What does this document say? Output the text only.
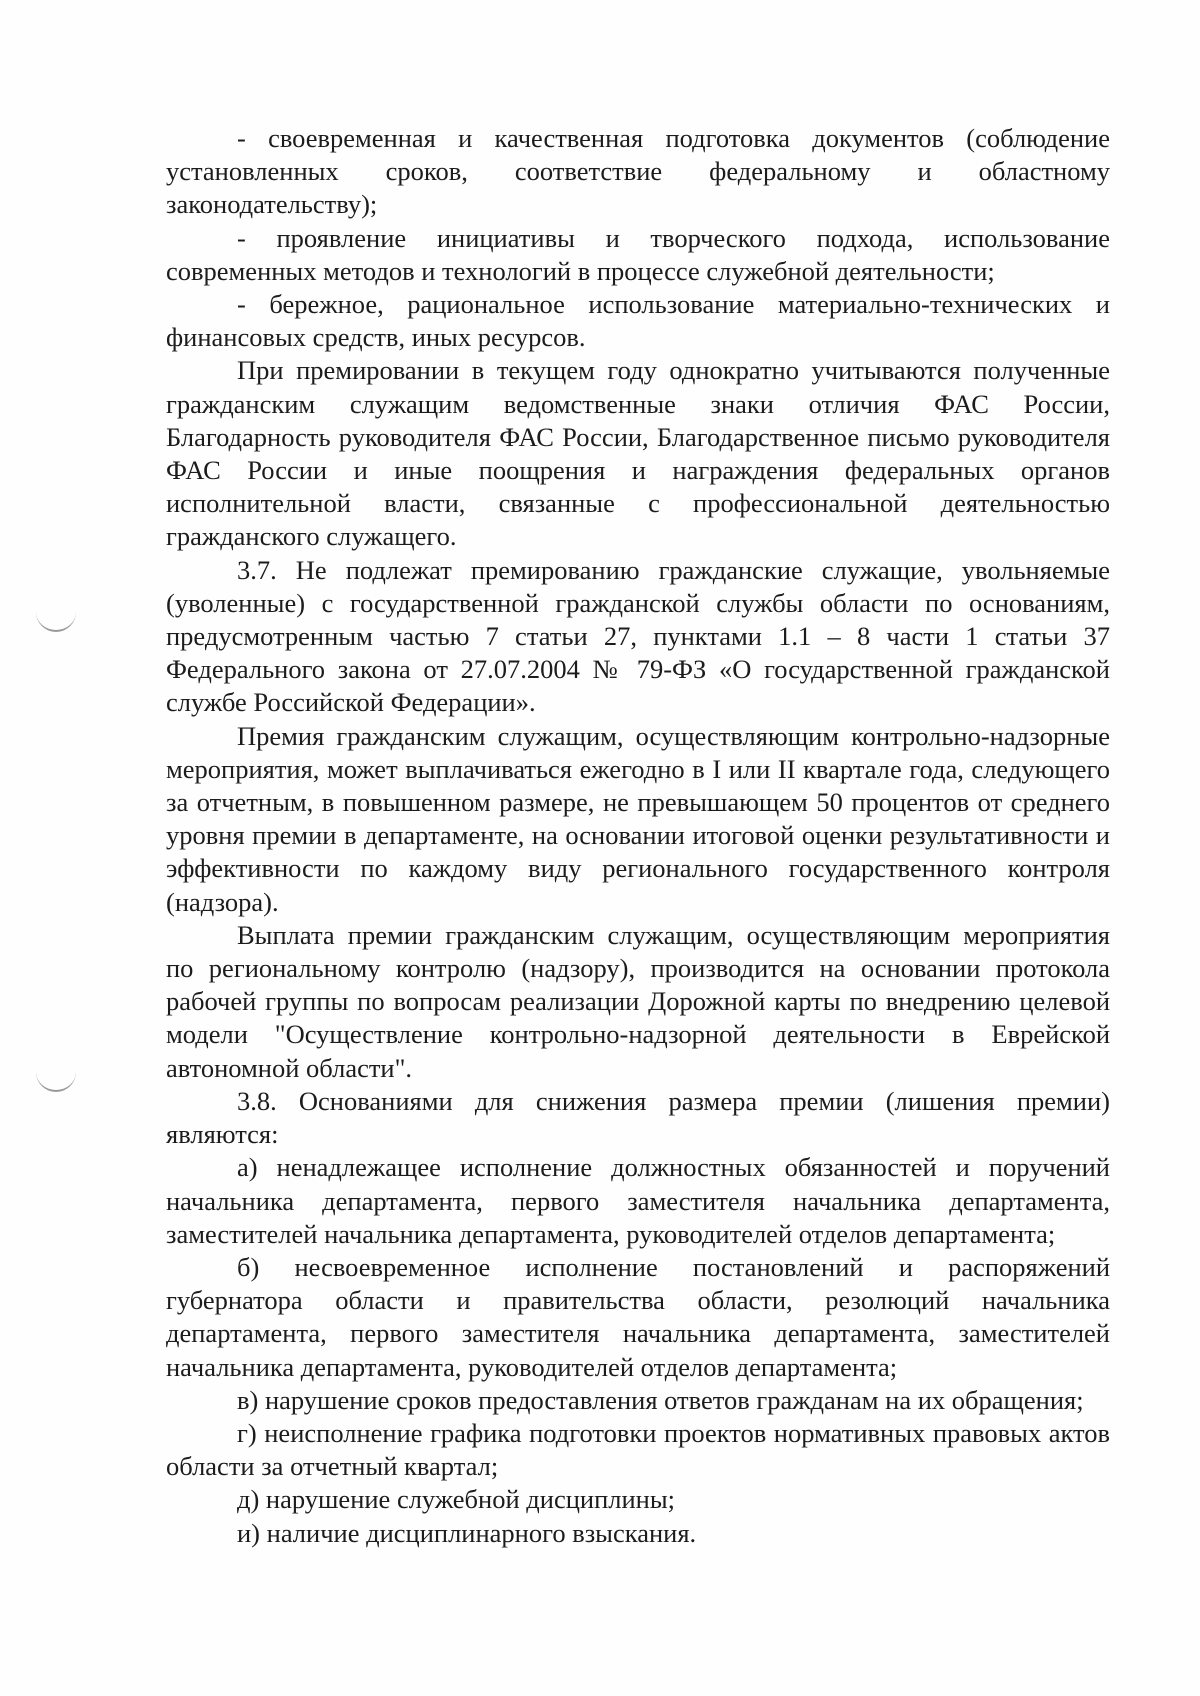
- своевременная и качественная подготовка документов (соблюдение установленных сроков, соответствие федеральному и областному законодательству);

- проявление инициативы и творческого подхода, использование современных методов и технологий в процессе служебной деятельности;

- бережное, рациональное использование материально-технических и финансовых средств, иных ресурсов.

При премировании в текущем году однократно учитываются полученные гражданским служащим ведомственные знаки отличия ФАС России, Благодарность руководителя ФАС России, Благодарственное письмо руководителя ФАС России и иные поощрения и награждения федеральных органов исполнительной власти, связанные с профессиональной деятельностью гражданского служащего.

3.7. Не подлежат премированию гражданские служащие, увольняемые (уволенные) с государственной гражданской службы области по основаниям, предусмотренным частью 7 статьи 27, пунктами 1.1 – 8 части 1 статьи 37 Федерального закона от 27.07.2004 № 79-ФЗ «О государственной гражданской службе Российской Федерации».

Премия гражданским служащим, осуществляющим контрольно-надзорные мероприятия, может выплачиваться ежегодно в I или II квартале года, следующего за отчетным, в повышенном размере, не превышающем 50 процентов от среднего уровня премии в департаменте, на основании итоговой оценки результативности и эффективности по каждому виду регионального государственного контроля (надзора).

Выплата премии гражданским служащим, осуществляющим мероприятия по региональному контролю (надзору), производится на основании протокола рабочей группы по вопросам реализации Дорожной карты по внедрению целевой модели "Осуществление контрольно-надзорной деятельности в Еврейской автономной области".

3.8. Основаниями для снижения размера премии (лишения премии) являются:

а) ненадлежащее исполнение должностных обязанностей и поручений начальника департамента, первого заместителя начальника департамента, заместителей начальника департамента, руководителей отделов департамента;

б) несвоевременное исполнение постановлений и распоряжений губернатора области и правительства области, резолюций начальника департамента, первого заместителя начальника департамента, заместителей начальника департамента, руководителей отделов департамента;

в) нарушение сроков предоставления ответов гражданам на их обращения;

г) неисполнение графика подготовки проектов нормативных правовых актов области за отчетный квартал;

д) нарушение служебной дисциплины;

и) наличие дисциплинарного взыскания.
